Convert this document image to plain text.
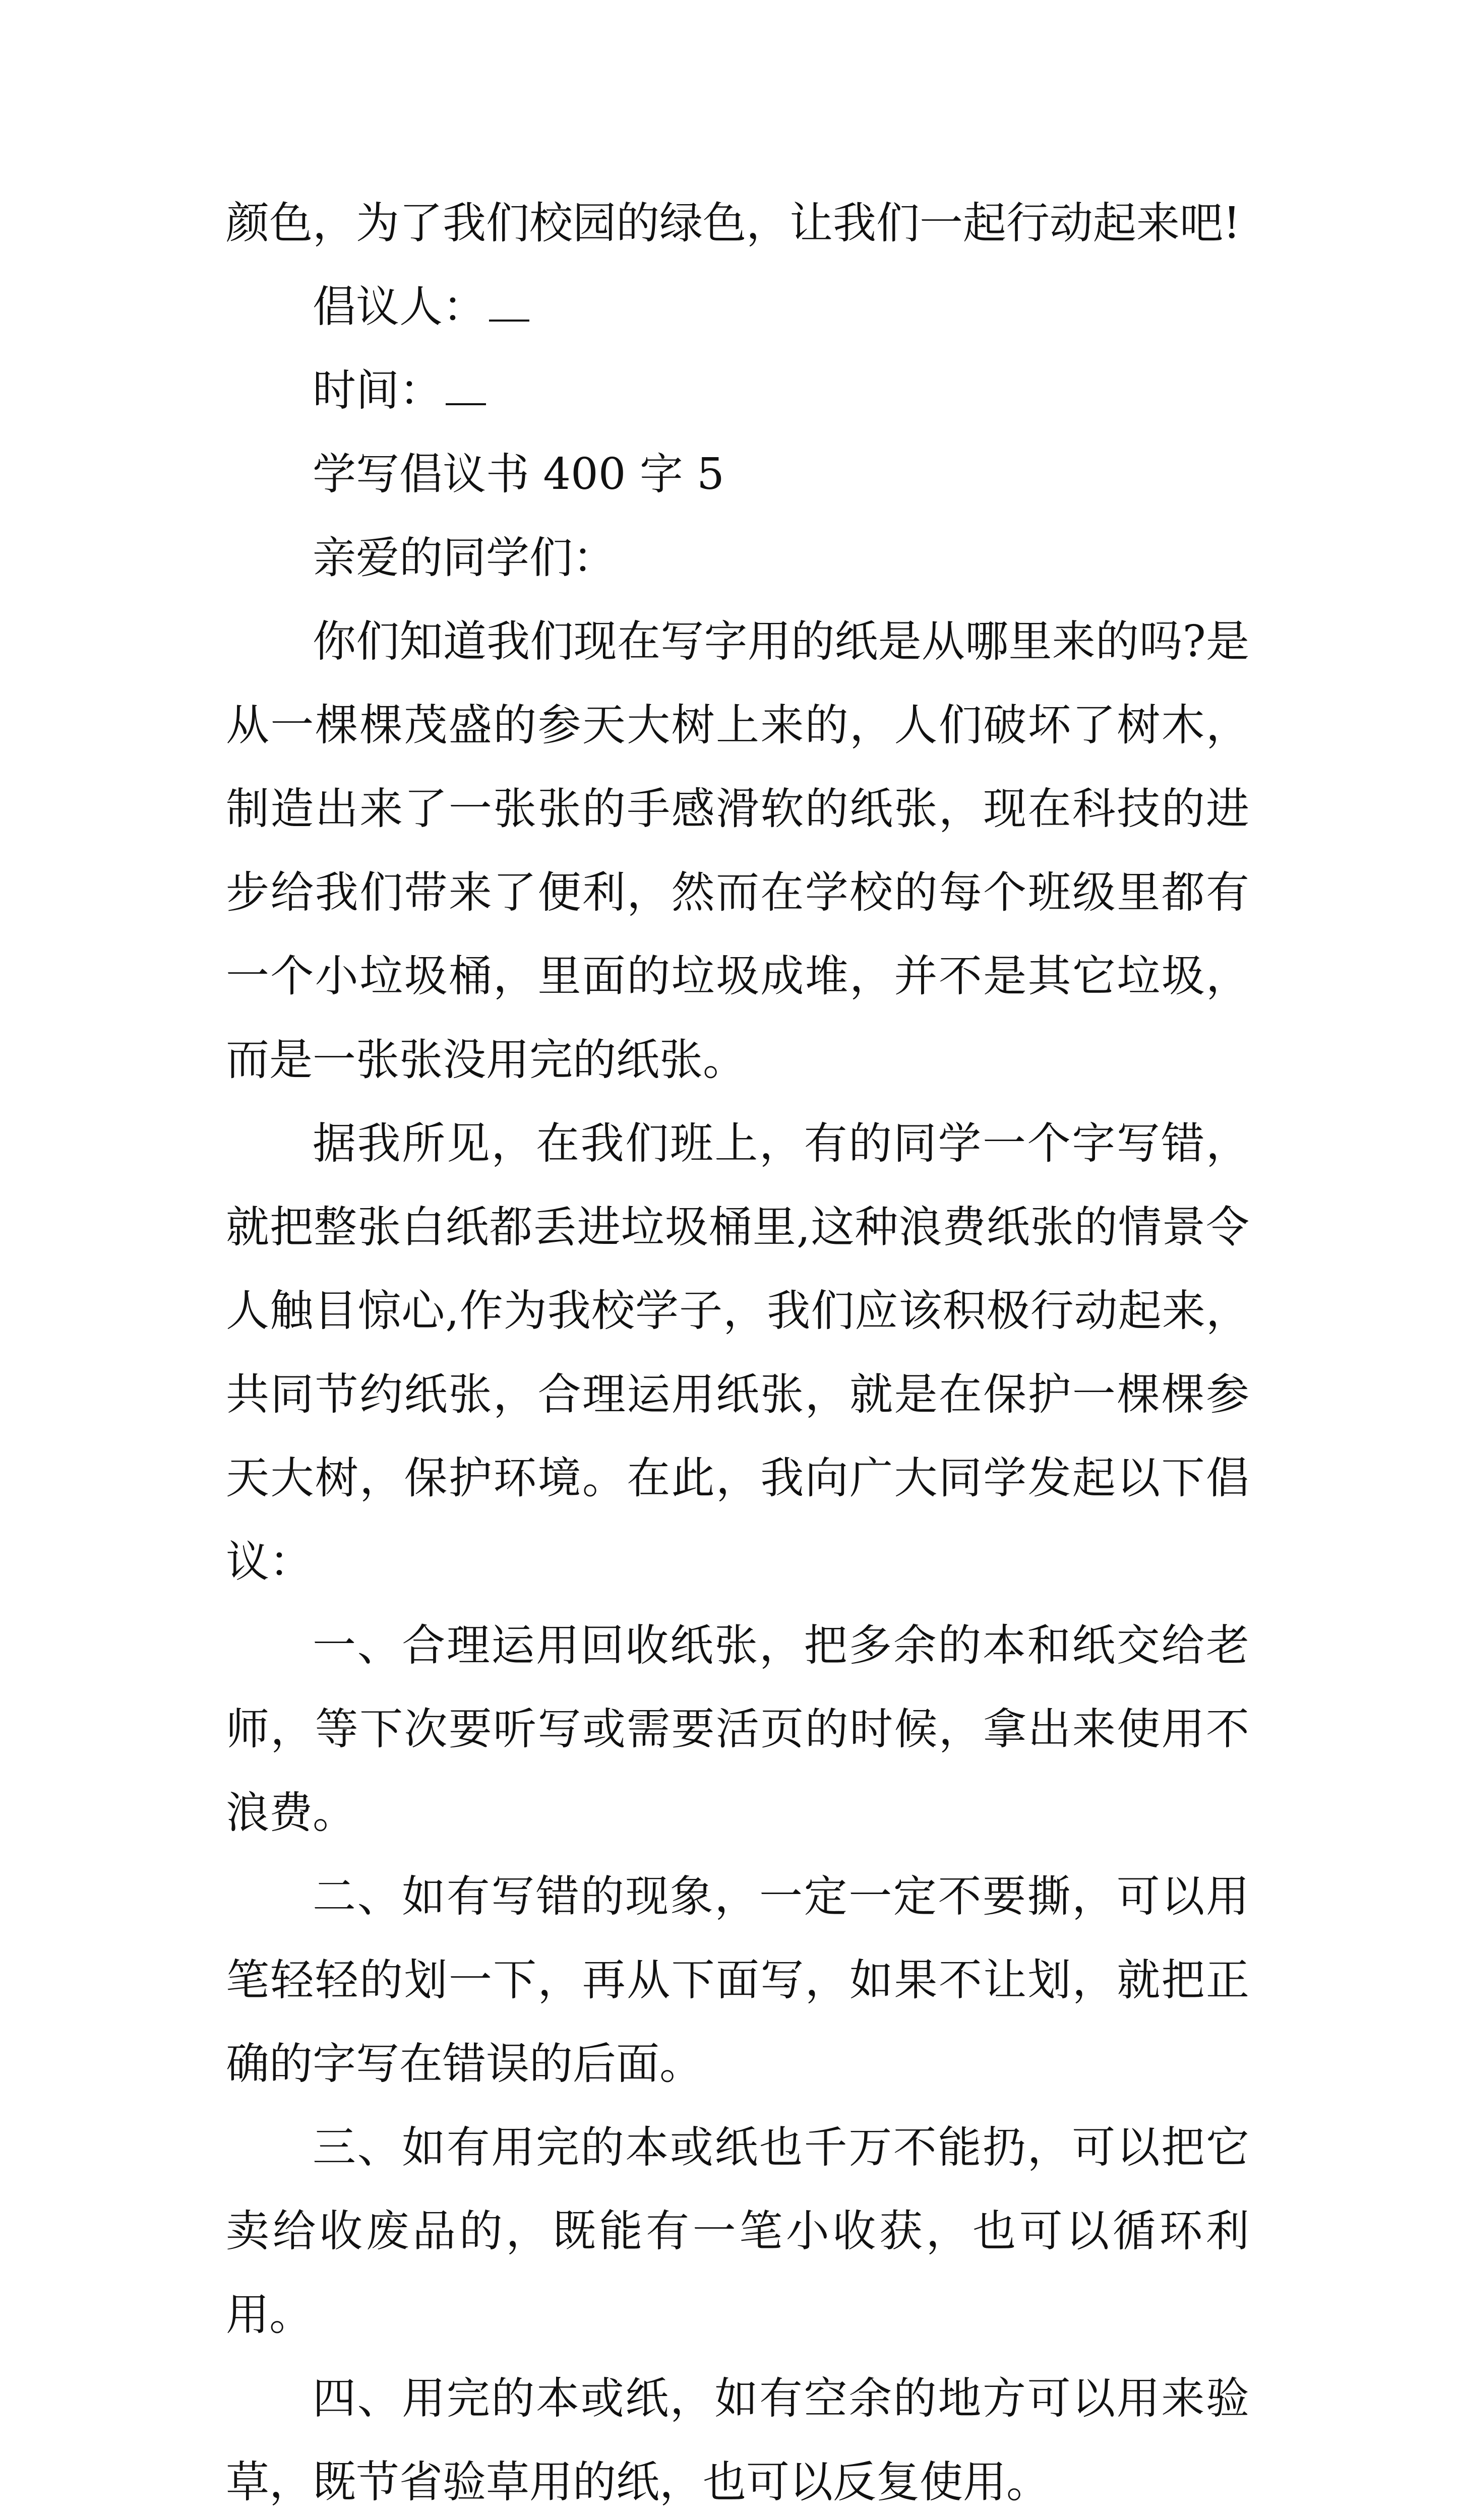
颜色，为了我们校园的绿色，让我们一起行动起来吧!

倡议人：

时间：

学写倡议书 400 字 5

亲爱的同学们：

你们知道我们现在写字用的纸是从哪里来的吗?是从一棵棵茂盛的参天大树上来的，人们破坏了树木，制造出来了一张张的手感滑软的纸张，现在科技的进步给我们带来了便利，然而在学校的每个班级里都有一个小垃圾桶，里面的垃圾成堆，并不是其它垃圾，而是一张张没用完的纸张。

据我所见，在我们班上，有的同学一个字写错，就把整张白纸都丢进垃圾桶里,这种浪费纸张的情景令人触目惊心,作为我校学子，我们应该积极行动起来，共同节约纸张，合理运用纸张，就是在保护一棵棵参天大树，保护环境。在此，我向广大同学发起以下倡议：

一、合理运用回收纸张，把多余的本和纸交给老师，等下次要听写或需要活页的时候，拿出来使用不浪费。

二、如有写错的现象，一定一定不要撕，可以用笔轻轻的划一下，再从下面写，如果不让划，就把正确的字写在错误的后面。

三、如有用完的本或纸也千万不能扔，可以把它卖给收废品的，既能有一笔小收获，也可以循环利用。

四、用完的本或纸，如有空余的地方可以用来验草，既节省验草用的纸，也可以反复使用。
